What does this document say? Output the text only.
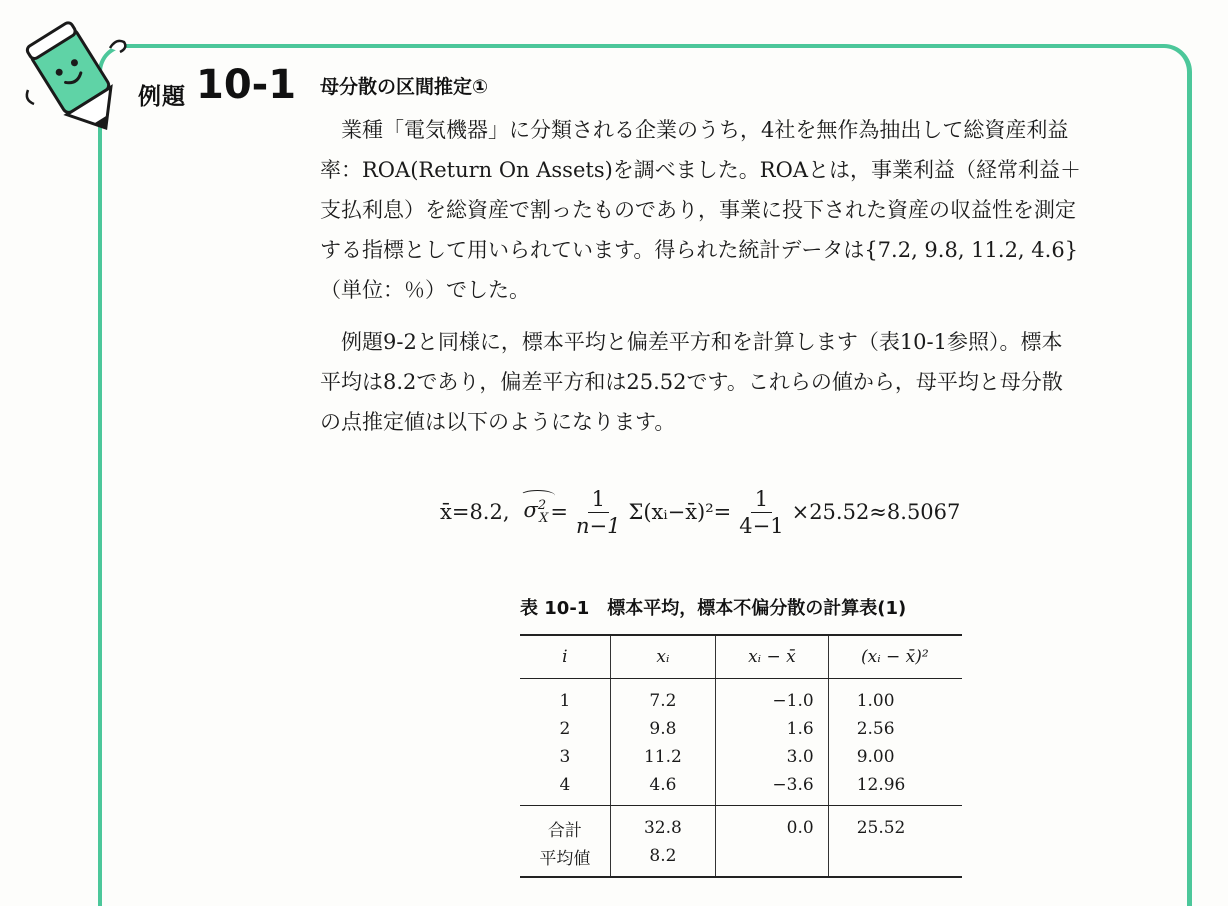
例題 10-1 母分散の区間推定①
業種「電気機器」に分類される企業のうち，4社を無作為抽出して総資産利益
率：ROA(Return On Assets)を調べました。ROAとは，事業利益（経常利益＋
支払利息）を総資産で割ったものであり，事業に投下された資産の収益性を測定
する指標として用いられています。得られた統計データは{7.2, 9.8, 11.2, 4.6}
（単位：％）でした。
例題9-2と同様に，標本平均と偏差平方和を計算します（表10-1参照）。標本
平均は8.2であり，偏差平方和は25.52です。これらの値から，母平均と母分散
の点推定値は以下のようになります。
x̄=8.2, $\sigma^2_X = \frac{1}{n-1}$ Σ(xᵢ−x̄)²= $\frac{1}{4-1} \times 25.52\approx 8.5067$
表 10-1　標本平均，標本不偏分散の計算表(1)
i	xᵢ	xᵢ − x̄	(xᵢ − x̄)²
1	7.2	−1.0	1.00
2	9.8	1.6	2.56
3	11.2	3.0	9.00
4	4.6	−3.6	12.96
合計	32.8	0.0	25.52
平均値	8.2		
